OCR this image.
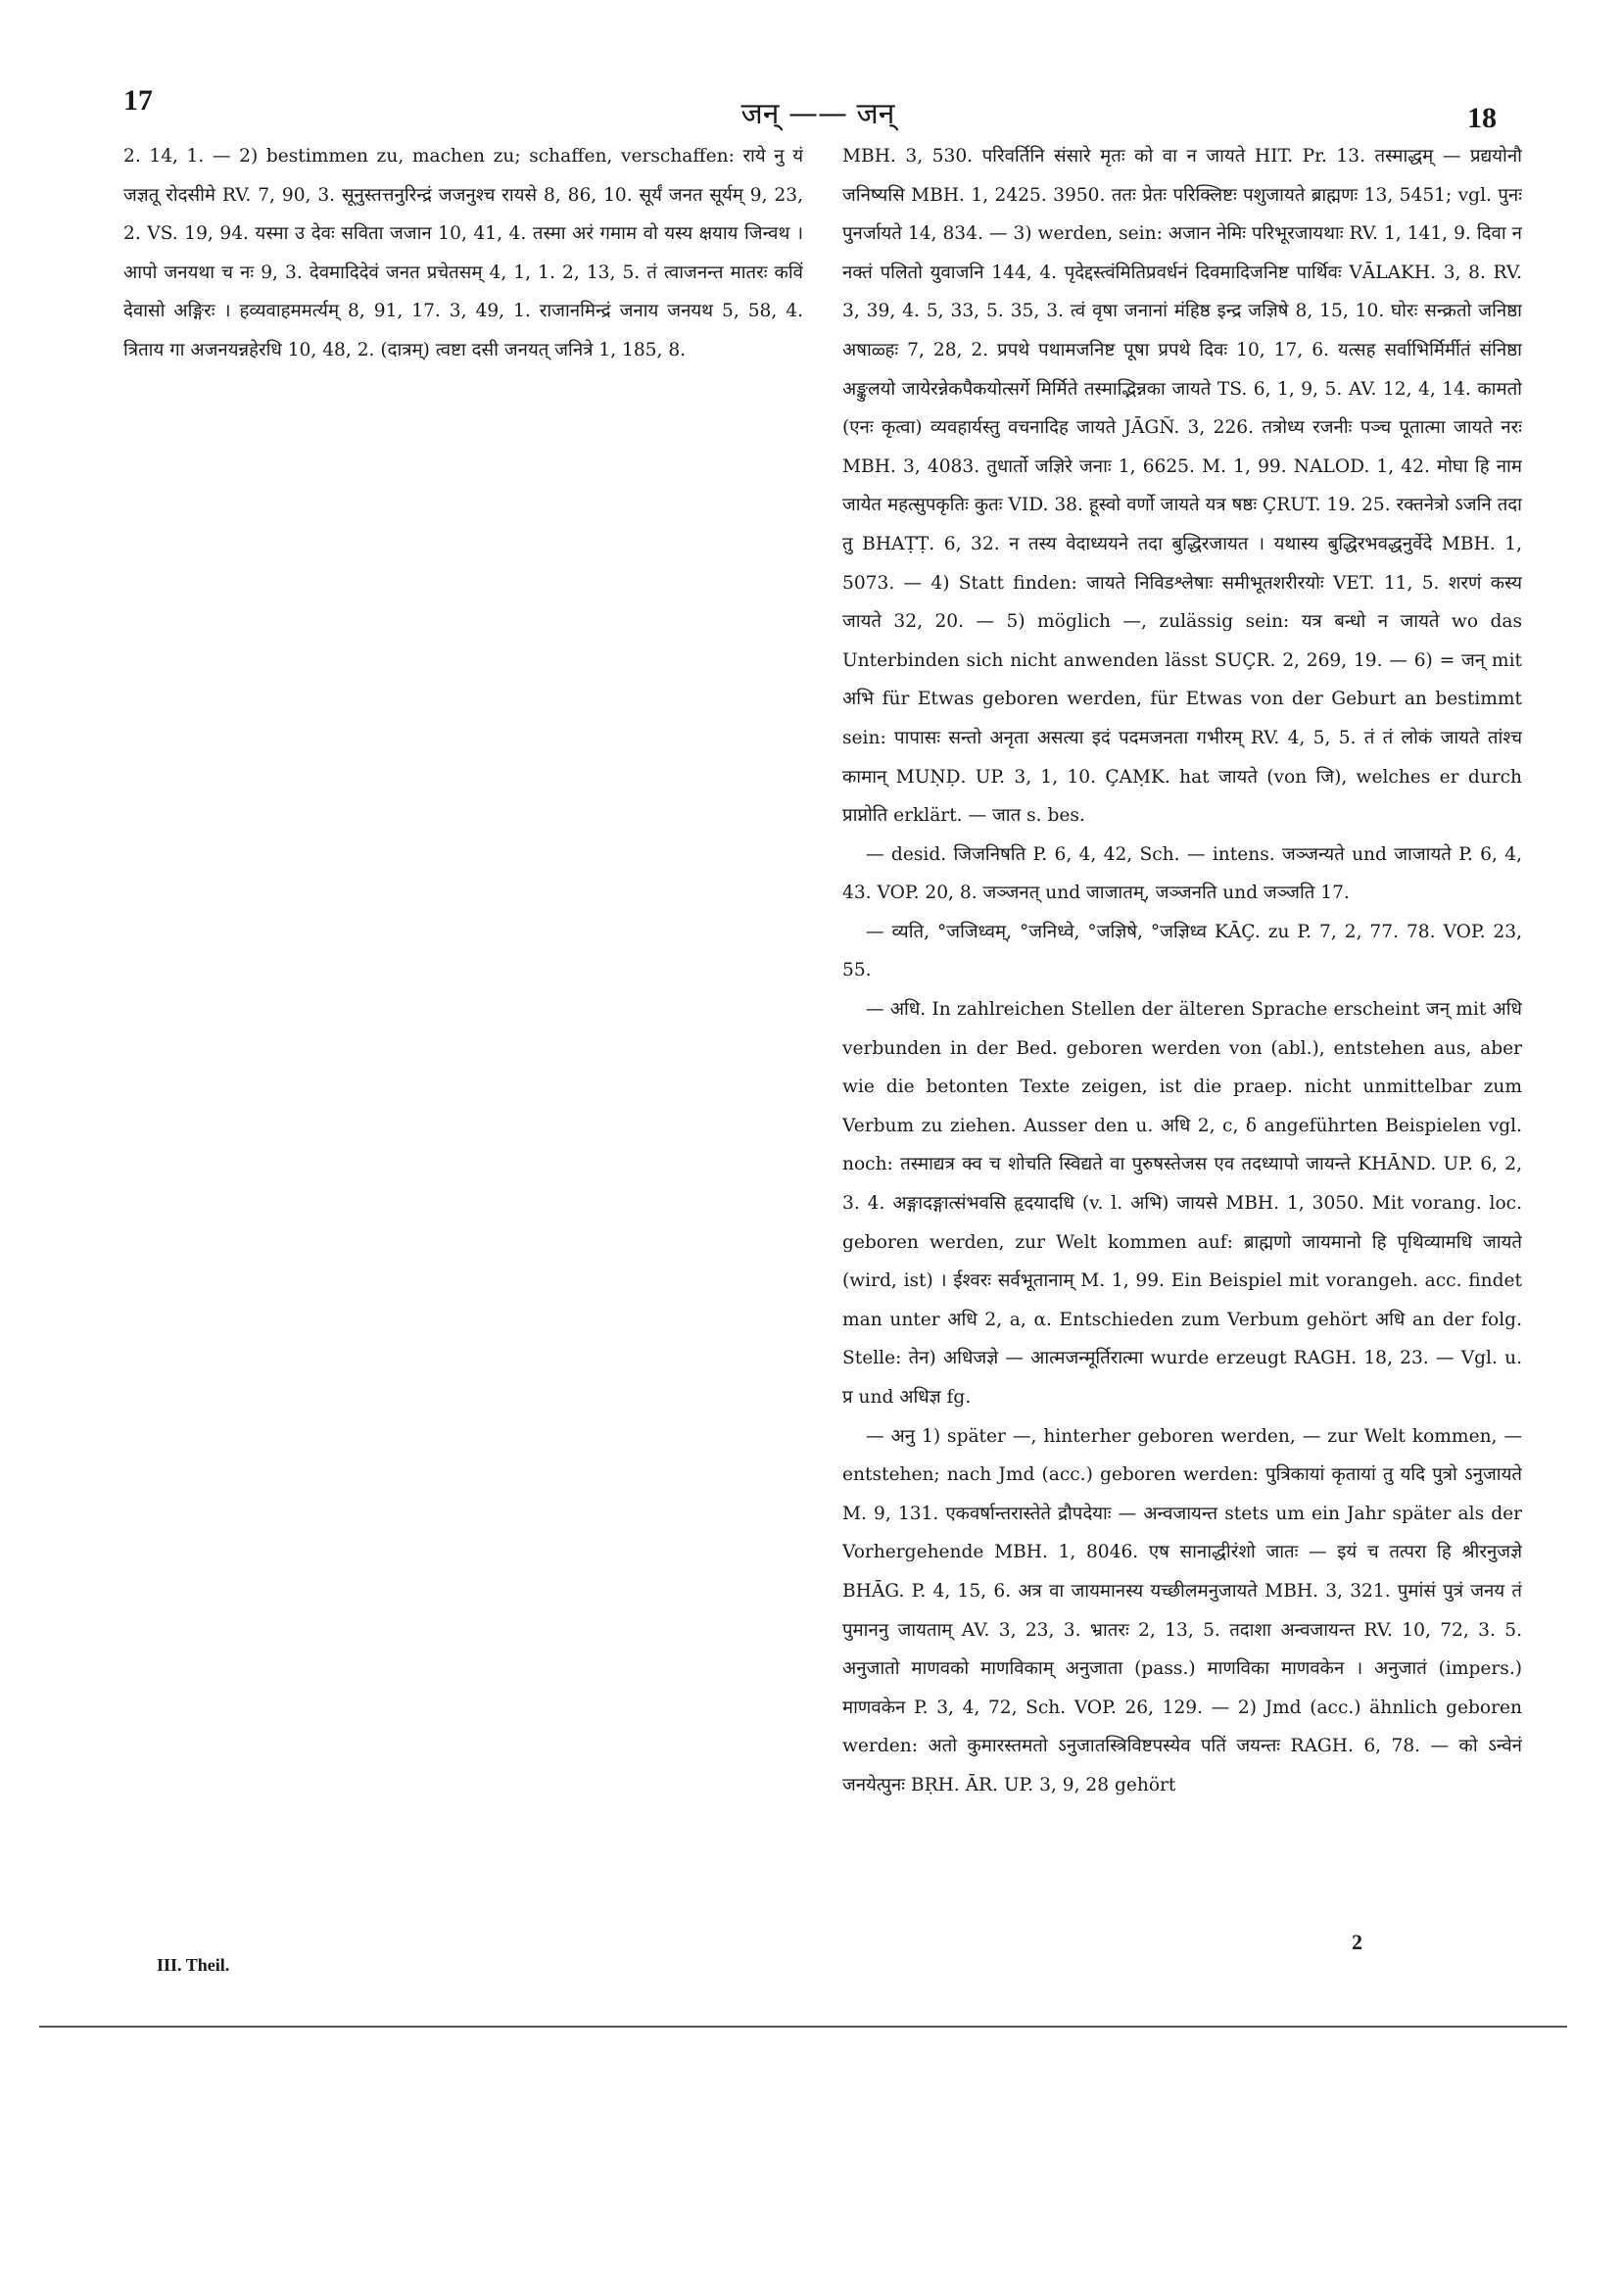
17	जन् —— जन्	18

2. 14, 1. — 2) bestimmen zu, machen zu; schaffen, verschaffen: राये नु यं जज्ञतू रोदसीमे RV. 7, 90, 3. सूनुस्तत्तनुरिन्द्रं जजनुश्च रायसे 8, 86, 10. सूर्यं जनत सूर्यम् 9, 23, 2. VS. 19, 94. यस्मा उ देवः सविता जजान 10, 41, 4. तस्मा अरं गमाम वो यस्य क्षयाय जिन्वथ । आपो जनयथा च नः 9, 3. देवमादिदेवं जनत प्रचेतसम् 4, 1, 1. 2, 13, 5. तं त्वाजनन्त मातरः कविं देवासो अङ्गिरः । हव्यवाहममर्त्यम् 8, 91, 17. 3, 49, 1. राजानमिन्द्रं जनाय जनयथ 5, 58, 4. त्रिताय गा अजनयन्नहेरधि 10, 48, 2. (दात्रम्) त्वष्टा दसी जनयत् जनित्रे 1, 185, 8.

MBH. 3, 530. परिवर्तिनि संसारे मृतः को वा न जायते HIT. Pr. 13. तस्माद्धम् — प्रद्ययोनौ जनिष्यसि MBH. 1, 2425. 3950. ततः प्रेतः परिक्लिष्टः पशुजायते ब्राह्मणः 13, 5451; vgl. पुनः पुनर्जायते 14, 834. — 3) werden, sein: अजान नेमिः परिभूरजायथाः RV. 1, 141, 9. दिवा न नक्तं पलितो युवाजनि 144, 4. पृदेद्दस्त्वंमितिप्रवर्धनं दिवमादिजनिष्ट पार्थिवः VĀLAKH. 3, 8. RV. 3, 39, 4. 5, 33, 5. 35, 3. त्वं वृषा जनानां मंहिष्ठ इन्द्र जज्ञिषे 8, 15, 10. घोरः सन्क्रतो जनिष्ठा अषाळ्हः 7, 28, 2. प्रपथे पथामजनिष्ट पूषा प्रपथे दिवः 10, 17, 6. यत्सह सर्वाभिर्मिर्मीतं संनिष्ठा अङ्कुलयो जायेरन्नेकपैकयोत्सर्गे मिर्मिते तस्माद्भिन्नका जायते TS. 6, 1, 9, 5. AV. 12, 4, 14. कामतो (एनः कृत्वा) व्यवहार्यस्तु वचनादिह जायते JĀGÑ. 3, 226. तत्रोध्य रजनीः पञ्च पूतात्मा जायते नरः MBH. 3, 4083. तुधार्तो जज्ञिरे जनाः 1, 6625. M. 1, 99. NALOD. 1, 42. मोघा हि नाम जायेत महत्सुपकृतिः कुतः VID. 38. हूस्वो वर्णो जायते यत्र षष्ठः ÇRUT. 19. 25. रक्तनेत्रो ऽजनि तदा तु BHAṬṬ. 6, 32. न तस्य वेदाध्ययने तदा बुद्धिरजायत । यथास्य बुद्धिरभवद्धनुर्वेदे MBH. 1, 5073. — 4) Statt finden: जायते निविडश्लेषाः समीभूतशरीरयोः VET. 11, 5. शरणं कस्य जायते 32, 20. — 5) möglich —, zulässig sein: यत्र बन्धो न जायते wo das Unterbinden sich nicht anwenden lässt SUÇR. 2, 269, 19. — 6) = जन् mit अभि für Etwas geboren werden, für Etwas von der Geburt an bestimmt sein: पापासः सन्तो अनृता असत्या इदं पदमजनता गभीरम् RV. 4, 5, 5. तं तं लोकं जायते तांश्च कामान् MUṆḌ. UP. 3, 1, 10. ÇAṂK. hat जायते (von जि), welches er durch प्राप्नोति erklärt. — जात s. bes.

— desid. जिजनिषति P. 6, 4, 42, Sch. — intens. जञ्जन्यते und जाजायते P. 6, 4, 43. VOP. 20, 8. जञ्जनत् und जाजातम्, जञ्जनति und जञ्जति 17.

— व्यति, °जजिध्वम्, °जनिध्वे, °जज्ञिषे, °जज्ञिध्व KĀÇ. zu P. 7, 2, 77. 78. VOP. 23, 55.

— अधि. In zahlreichen Stellen der älteren Sprache erscheint जन् mit अधि verbunden in der Bed. geboren werden von (abl.), entstehen aus, aber wie die betonten Texte zeigen, ist die praep. nicht unmittelbar zum Verbum zu ziehen. Ausser den u. अधि 2, c, δ angeführten Beispielen vgl. noch: तस्माद्यत्र क्व च शोचति स्विद्यते वा पुरुषस्तेजस एव तदध्यापो जायन्ते KHĀND. UP. 6, 2, 3. 4. अङ्गादङ्गात्संभवसि हृदयादधि (v. l. अभि) जायसे MBH. 1, 3050. Mit vorang. loc. geboren werden, zur Welt kommen auf: ब्राह्मणो जायमानो हि पृथिव्यामधि जायते (wird, ist) । ईश्वरः सर्वभूतानाम् M. 1, 99. Ein Beispiel mit vorangeh. acc. findet man unter अधि 2, a, α. Entschieden zum Verbum gehört अधि an der folg. Stelle: तेन) अधिजज्ञे — आत्मजन्मूर्तिरात्मा wurde erzeugt RAGH. 18, 23. — Vgl. u. प्र und अधिज्ञ fg.

— अनु 1) später —, hinterher geboren werden, — zur Welt kommen, — entstehen; nach Jmd (acc.) geboren werden: पुत्रिकायां कृतायां तु यदि पुत्रो ऽनुजायते M. 9, 131. एकवर्षान्तरास्तेते द्रौपदेयाः — अन्वजायन्त stets um ein Jahr später als der Vorhergehende MBH. 1, 8046. एष सानाद्धीरंशो जातः — इयं च तत्परा हि श्रीरनुजज्ञे BHĀG. P. 4, 15, 6. अत्र वा जायमानस्य यच्छीलमनुजायते MBH. 3, 321. पुमांसं पुत्रं जनय तं पुमाननु जायताम् AV. 3, 23, 3. भ्रातरः 2, 13, 5. तदाशा अन्वजायन्त RV. 10, 72, 3. 5. अनुजातो माणवको माणविकाम् अनुजाता (pass.) माणविका माणवकेन । अनुजातं (impers.) माणवकेन P. 3, 4, 72, Sch. VOP. 26, 129. — 2) Jmd (acc.) ähnlich geboren werden: अतो कुमारस्तमतो ऽनुजातस्त्रिविष्टपस्येव पतिं जयन्तः RAGH. 6, 78. — को ऽन्वेनं जनयेत्पुनः BṚH. ĀR. UP. 3, 9, 28 gehört

III. Theil.
2
